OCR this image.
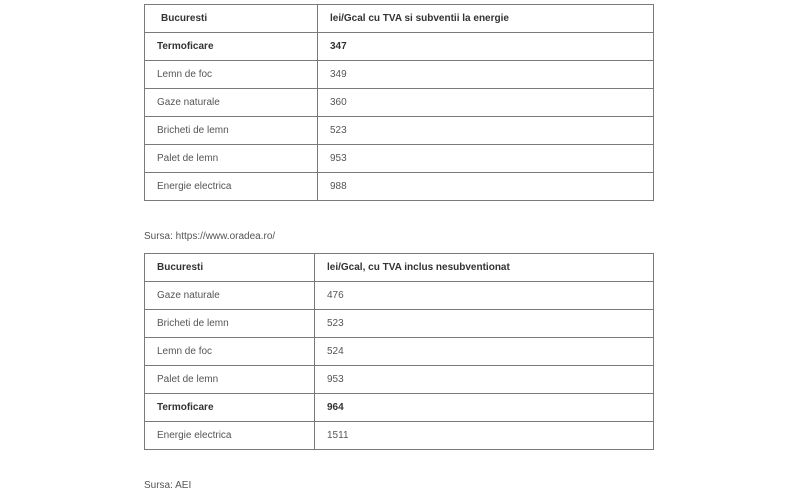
Bucuresti	lei/Gcal cu TVA si subventii la energie
Termoficare	347
Lemn de foc	349
Gaze naturale	360
Bricheti de lemn	523
Palet de lemn	953
Energie electrica	988
Sursa: https://www.oradea.ro/
Bucuresti	lei/Gcal, cu TVA inclus nesubventionat
Gaze naturale	476
Bricheti de lemn	523
Lemn de foc	524
Palet de lemn	953
Termoficare	964
Energie electrica	1511
Sursa: AEI
